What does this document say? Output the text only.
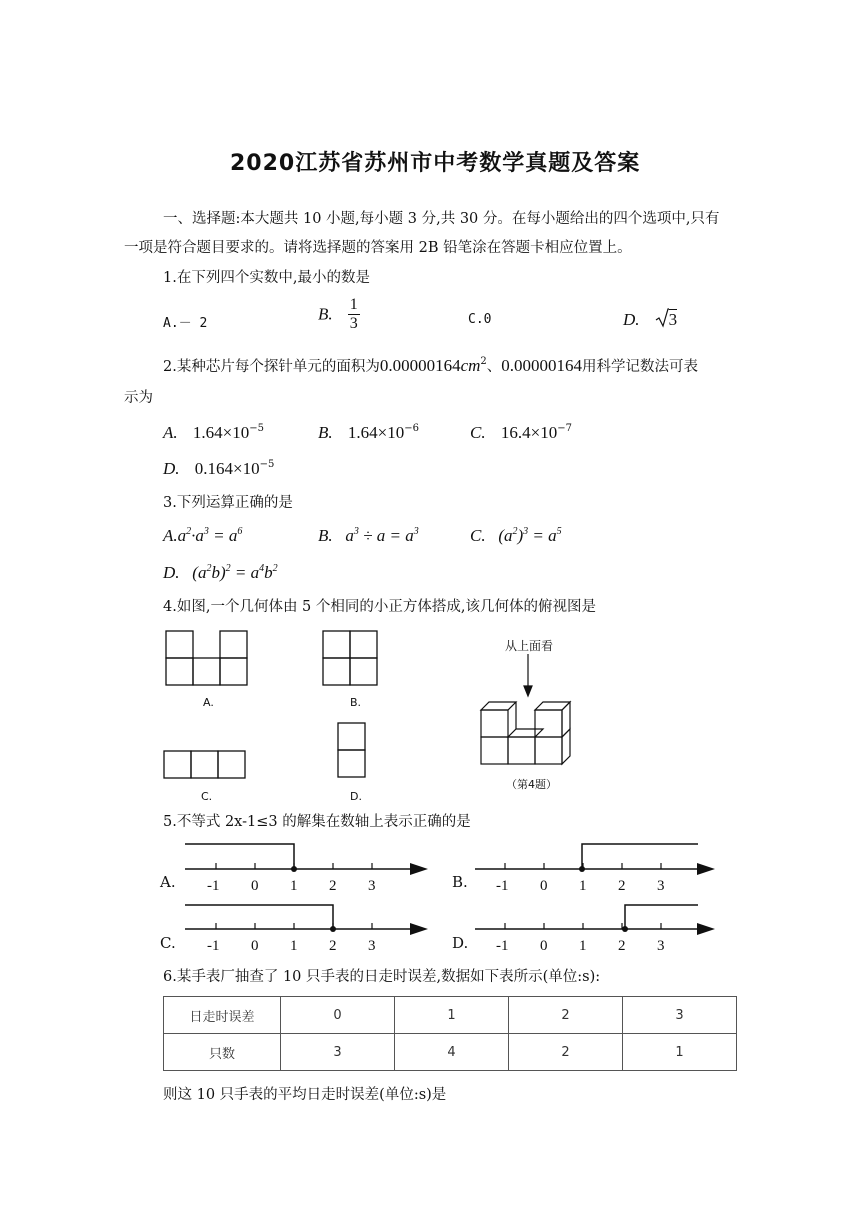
2020江苏省苏州市中考数学真题及答案
一、选择题:本大题共 10 小题,每小题 3 分,共 30 分。在每小题给出的四个选项中,只有
一项是符合题目要求的。请将选择题的答案用 2B 铅笔涂在答题卡相应位置上。
1.在下列四个实数中,最小的数是
A.－ 2	B. $\frac{1}{3}$	C.0	D. 3
2.某种芯片每个探针单元的面积为$0.00000164cm^2$、0.00000164用科学记数法可表
示为
A. $1.64\times 10^{-5}$	B. $1.64\times 10^{-6}$	C. $16.4\times 10^{-7}$
D. $0.164\times 10^{-5}$
3.下列运算正确的是
$A.a^2\cdot a^3 = a^6$	B.   $a^3 \div a = a^3$	C.   $(a^2)^3 = a^5$
D.   $(a^2b)^2 = a^4b^2$
4.如图,一个几何体由 5 个相同的小正方体搭成,该几何体的俯视图是
A.	B.
C.	D.
从上面看
（第4题）
5.不等式 2x-1≤3 的解集在数轴上表示正确的是
-1 0 1 2 3	-1 0 1 2 3
-1 0 1 2 3	-1 0 1 2 3
A.	B.
C.	D.
6.某手表厂抽查了 10 只手表的日走时误差,数据如下表所示(单位:s):
日走时误差	0	1	2	3
只数	3	4	2	1
则这 10 只手表的平均日走时误差(单位:s)是
